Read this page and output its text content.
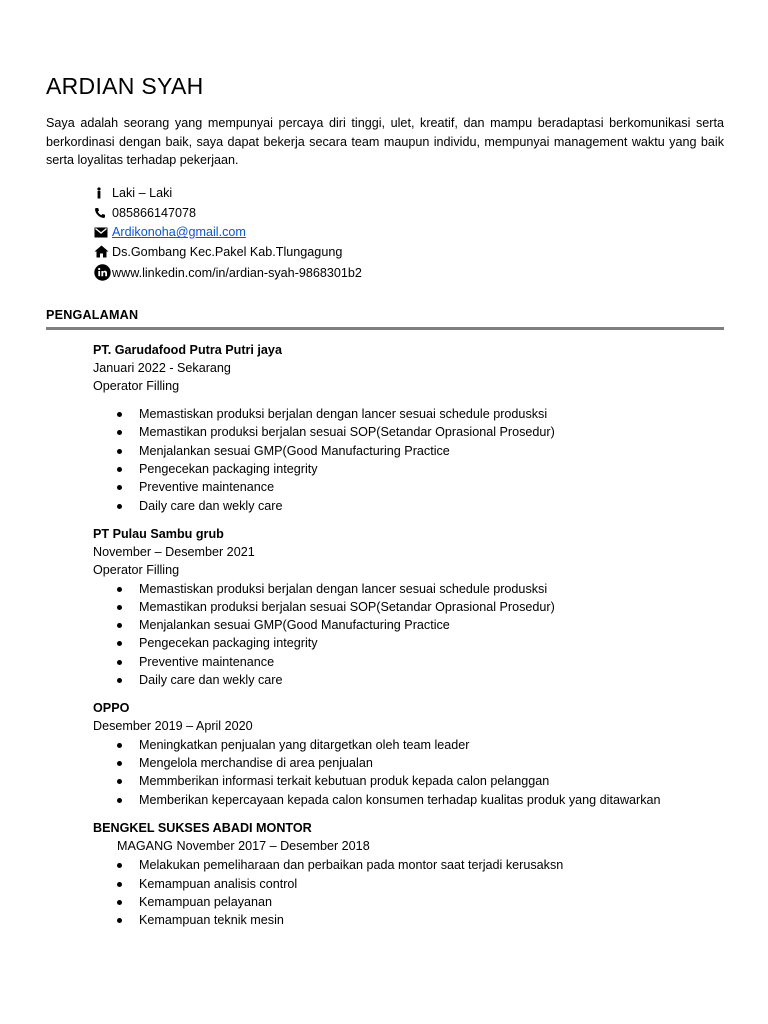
ARDIAN SYAH
Saya adalah seorang yang mempunyai percaya diri tinggi, ulet, kreatif, dan mampu beradaptasi berkomunikasi serta berkordinasi dengan baik, saya dapat bekerja secara team maupun individu, mempunyai management waktu yang baik serta loyalitas terhadap pekerjaan.
Laki – Laki
085866147078
Ardikonoha@gmail.com
Ds.Gombang Kec.Pakel Kab.Tlungagung
www.linkedin.com/in/ardian-syah-9868301b2
PENGALAMAN
PT. Garudafood Putra Putri jaya
Januari 2022 - Sekarang
Operator Filling
Memastiskan produksi berjalan dengan lancer sesuai schedule produsksi
Memastikan produksi berjalan sesuai SOP(Setandar Oprasional Prosedur)
Menjalankan sesuai GMP(Good Manufacturing Practice
Pengecekan packaging integrity
Preventive maintenance
Daily care dan wekly care
PT Pulau Sambu grub
November – Desember 2021
Operator Filling
Memastiskan produksi berjalan dengan lancer sesuai schedule produsksi
Memastikan produksi berjalan sesuai SOP(Setandar Oprasional Prosedur)
Menjalankan sesuai GMP(Good Manufacturing Practice
Pengecekan packaging integrity
Preventive maintenance
Daily care dan wekly care
OPPO
Desember 2019 – April 2020
Meningkatkan penjualan yang ditargetkan oleh team leader
Mengelola merchandise di area penjualan
Memmberikan informasi terkait kebutuan produk kepada calon pelanggan
Memberikan kepercayaan kepada calon konsumen terhadap kualitas produk yang ditawarkan
BENGKEL SUKSES ABADI MONTOR
MAGANG November 2017 – Desember 2018
Melakukan pemeliharaan dan perbaikan pada montor saat terjadi kerusaksn
Kemampuan analisis control
Kemampuan pelayanan
Kemampuan teknik mesin
